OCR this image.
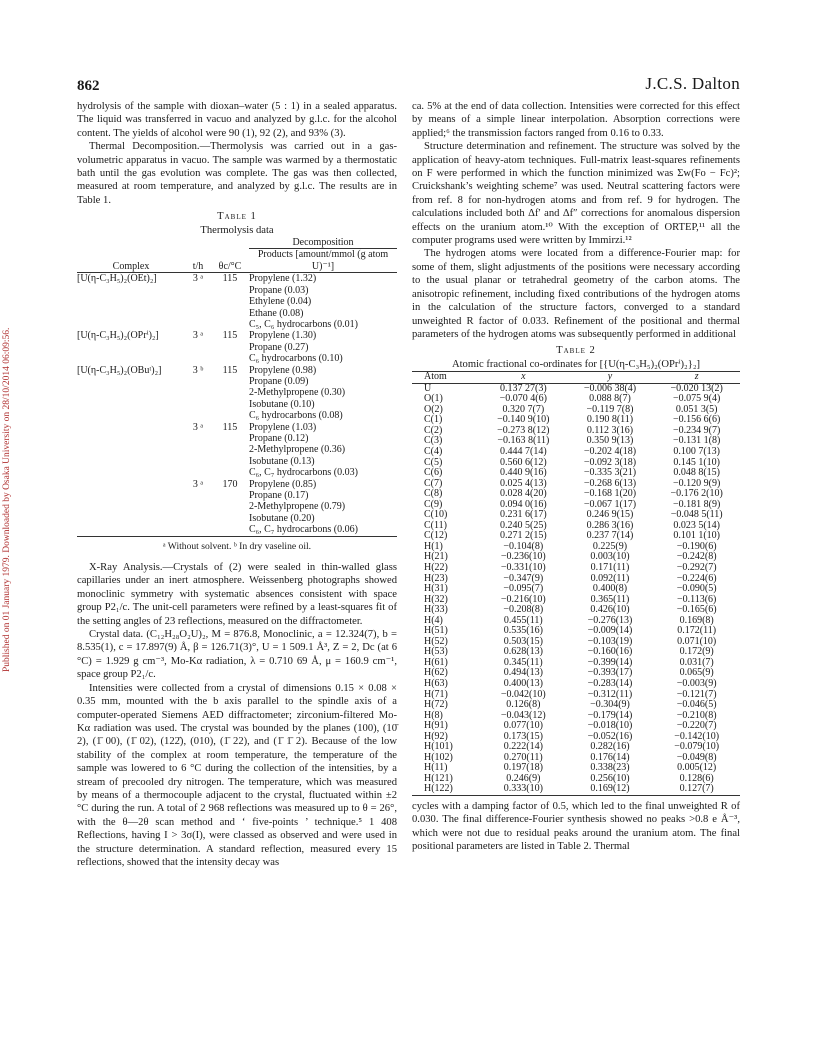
Published on 01 January 1979. Downloaded by Osaka University on 28/10/2014 06:09:56.
862	J.C.S. Dalton

hydrolysis of the sample with dioxan–water (5 : 1) in a sealed apparatus. The liquid was transferred in vacuo and analyzed by g.l.c. for the alcohol content. The yields of alcohol were 90 (1), 92 (2), and 93% (3).

Thermal Decomposition.—Thermolysis was carried out in a gas-volumetric apparatus in vacuo. The sample was warmed by a thermostatic bath until the gas evolution was complete. The gas was then collected, measured at room temperature, and analyzed by g.l.c. The results are in Table 1.

Table 1
Thermolysis data
			Decomposition
Complex	t/h	θc/°C	Products [amount/mmol (g atom U)⁻¹]
[U(η-C₃H₅)₂(OEt)₂]	3 ᵃ	115	Propylene (1.32)
Propane (0.03)
Ethylene (0.04)
Ethane (0.08)
C₅, C₆ hydrocarbons (0.01)

[U(η-C₃H₅)₂(OPrⁱ)₂]	3 ᵃ	115	Propylene (1.30)
Propane (0.27)
C₆ hydrocarbons (0.10)

[U(η-C₃H₅)₂(OBuᵗ)₂]	3 ᵇ	115	Propylene (0.98)
Propane (0.09)
2-Methylpropene (0.30)
Isobutane (0.10)
C₆ hydrocarbons (0.08)

	3 ᵃ	115	Propylene (1.03)
Propane (0.12)
2-Methylpropene (0.36)
Isobutane (0.13)
C₆, C₇ hydrocarbons (0.03)

	3 ᵃ	170	Propylene (0.85)
Propane (0.17)
2-Methylpropene (0.79)
Isobutane (0.20)
C₆, C₇ hydrocarbons (0.06)
ᵃ Without solvent. ᵇ In dry vaseline oil.

X-Ray Analysis.—Crystals of (2) were sealed in thin-walled glass capillaries under an inert atmosphere. Weissenberg photographs showed monoclinic symmetry with systematic absences consistent with space group P2₁/c. The unit-cell parameters were refined by a least-squares fit of the setting angles of 23 reflections, measured on the diffractometer.

Crystal data. (C₁₂H₂₈O₂U)₂, M = 876.8, Monoclinic, a = 12.324(7), b = 8.535(1), c = 17.897(9) Å, β = 126.71(3)°, U = 1 509.1 Å³, Z = 2, Dc (at 6 °C) = 1.929 g cm⁻³, Mo-Kα radiation, λ = 0.710 69 Å, μ = 160.9 cm⁻¹, space group P2₁/c.

Intensities were collected from a crystal of dimensions 0.15 × 0.08 × 0.35 mm, mounted with the b axis parallel to the spindle axis of a computer-operated Siemens AED diffractometer; zirconium-filtered Mo-Kα radiation was used. The crystal was bounded by the planes (100), (10̄ 2), (1̄ 00), (1̄ 02), (122̄), (010), (1̄ 22), and (1̄ 1̄ 2). Because of the low stability of the complex at room temperature, the temperature of the sample was lowered to 6 °C during the collection of the intensities, by a stream of precooled dry nitrogen. The temperature, which was measured by means of a thermocouple adjacent to the crystal, fluctuated within ±2 °C during the run. A total of 2 968 reflections was measured up to θ = 26°, with the θ—2θ scan method and ‘ five-points ’ technique.⁵ 1 408 Reflections, having I > 3σ(I), were classed as observed and were used in the structure determination. A standard reflection, measured every 15 reflections, showed that the intensity decay was

ca. 5% at the end of data collection. Intensities were corrected for this effect by means of a simple linear interpolation. Absorption corrections were applied;⁶ the transmission factors ranged from 0.16 to 0.33.

Structure determination and refinement. The structure was solved by the application of heavy-atom techniques. Full-matrix least-squares refinements on F were performed in which the function minimized was Σw(Fo − Fc)²; Cruickshank’s weighting scheme⁷ was used. Neutral scattering factors were from ref. 8 for non-hydrogen atoms and from ref. 9 for hydrogen. The calculations included both Δf′ and Δf″ corrections for anomalous dispersion effects on the uranium atom.¹⁰ With the exception of ORTEP,¹¹ all the computer programs used were written by Immirzi.¹²

The hydrogen atoms were located from a difference-Fourier map: for some of them, slight adjustments of the positions were necessary according to the usual planar or tetrahedral geometry of the carbon atoms. The anisotropic refinement, including fixed contributions of the hydrogen atoms in the calculation of the structure factors, converged to a standard unweighted R factor of 0.033. Refinement of the positional and thermal parameters of the hydrogen atoms was subsequently performed in additional

Table 2
Atomic fractional co-ordinates for [{U(η-C₃H₅)₂(OPrⁱ)₂}₂]
Atom	x	y	z
U	0.137 27(3)	−0.006 38(4)	−0.020 13(2)
O(1)	−0.070 4(6)	0.088 8(7)	−0.075 9(4)
O(2)	0.320 7(7)	−0.119 7(8)	0.051 3(5)
C(1)	−0.140 9(10)	0.190 8(11)	−0.156 6(6)
C(2)	−0.273 8(12)	0.112 3(16)	−0.234 9(7)
C(3)	−0.163 8(11)	0.350 9(13)	−0.131 1(8)
C(4)	0.444 7(14)	−0.202 4(18)	0.100 7(13)
C(5)	0.560 6(12)	−0.092 3(18)	0.145 1(10)
C(6)	0.440 9(16)	−0.335 3(21)	0.048 8(15)
C(7)	0.025 4(13)	−0.268 6(13)	−0.120 9(9)
C(8)	0.028 4(20)	−0.168 1(20)	−0.176 2(10)
C(9)	0.094 0(16)	−0.067 1(17)	−0.181 8(9)
C(10)	0.231 6(17)	0.246 9(15)	−0.048 5(11)
C(11)	0.240 5(25)	0.286 3(16)	0.023 5(14)
C(12)	0.271 2(15)	0.237 7(14)	0.101 1(10)
H(1)	−0.104(8)	0.225(9)	−0.190(6)
H(21)	−0.236(10)	0.003(10)	−0.242(8)
H(22)	−0.331(10)	0.171(11)	−0.292(7)
H(23)	−0.347(9)	0.092(11)	−0.224(6)
H(31)	−0.095(7)	0.400(8)	−0.090(5)
H(32)	−0.216(10)	0.365(11)	−0.113(6)
H(33)	−0.208(8)	0.426(10)	−0.165(6)
H(4)	0.455(11)	−0.276(13)	0.169(8)
H(51)	0.535(16)	−0.009(14)	0.172(11)
H(52)	0.503(15)	−0.103(19)	0.071(10)
H(53)	0.628(13)	−0.160(16)	0.172(9)
H(61)	0.345(11)	−0.399(14)	0.031(7)
H(62)	0.494(13)	−0.393(17)	0.065(9)
H(63)	0.400(13)	−0.283(14)	−0.003(9)
H(71)	−0.042(10)	−0.312(11)	−0.121(7)
H(72)	0.126(8)	−0.304(9)	−0.046(5)
H(8)	−0.043(12)	−0.179(14)	−0.210(8)
H(91)	0.077(10)	−0.018(10)	−0.220(7)
H(92)	0.173(15)	−0.052(16)	−0.142(10)
H(101)	0.222(14)	0.282(16)	−0.079(10)
H(102)	0.270(11)	0.176(14)	−0.049(8)
H(11)	0.197(18)	0.338(23)	0.005(12)
H(121)	0.246(9)	0.256(10)	0.128(6)
H(122)	0.333(10)	0.169(12)	0.127(7)

cycles with a damping factor of 0.5, which led to the final unweighted R of 0.030. The final difference-Fourier synthesis showed no peaks >0.8 e Å⁻³, which were not due to residual peaks around the uranium atom. The final positional parameters are listed in Table 2. Thermal
